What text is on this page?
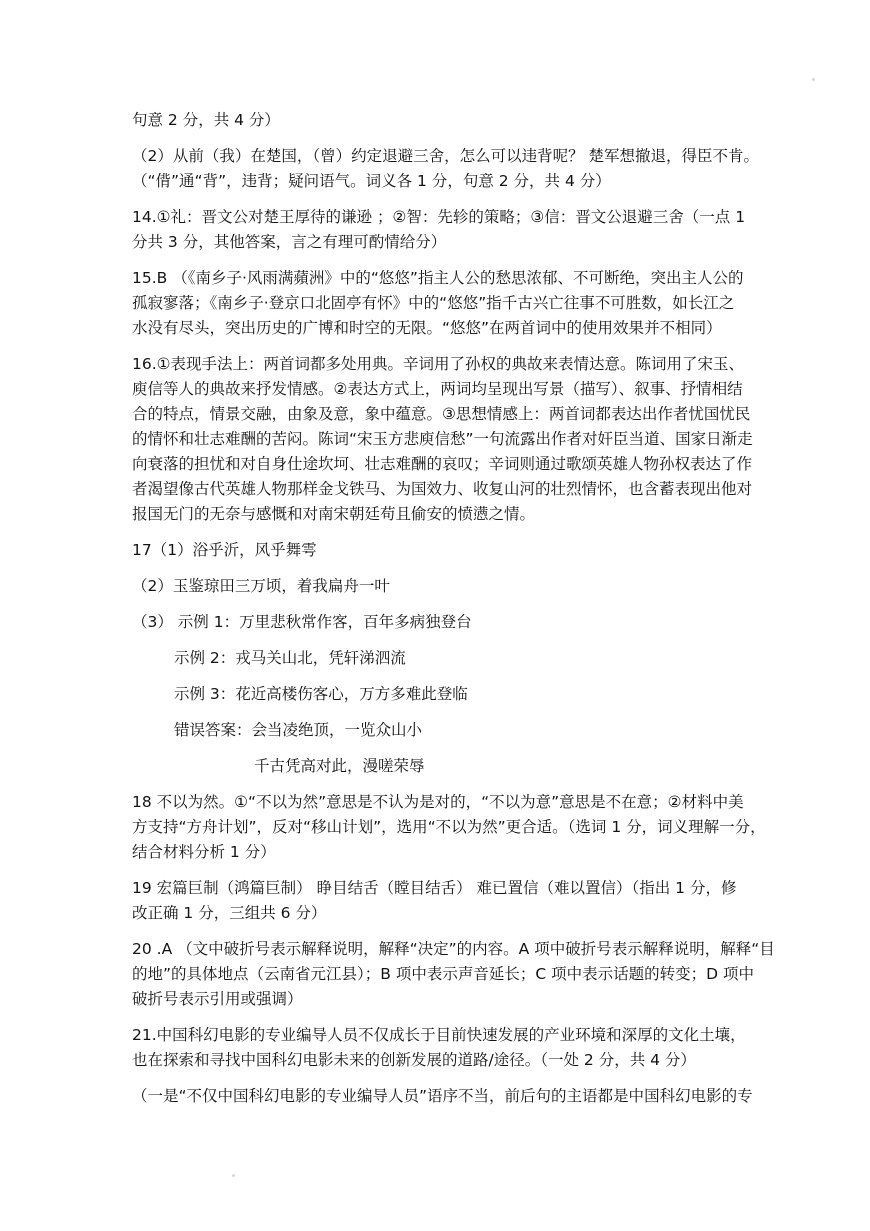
句意 2 分，共 4 分）
（2）从前（我）在楚国，（曾）约定退避三舍，怎么可以违背呢？ 楚军想撤退，得臣不肯。
（“偝”通“背”，违背；疑问语气。词义各 1 分，句意 2 分，共 4 分）
14.①礼：晋文公对楚王厚待的谦逊 ；②智：先轸的策略；③信：晋文公退避三舍（一点 1
分共 3 分，其他答案，言之有理可酌情给分）
15.B （《南乡子·风雨满蘋洲》中的“悠悠”指主人公的愁思浓郁、不可断绝，突出主人公的
孤寂寥落；《南乡子·登京口北固亭有怀》中的“悠悠”指千古兴亡往事不可胜数，如长江之
水没有尽头，突出历史的广博和时空的无限。“悠悠”在两首词中的使用效果并不相同）
16.①表现手法上：两首词都多处用典。辛词用了孙权的典故来表情达意。陈词用了宋玉、
庾信等人的典故来抒发情感。②表达方式上，两词均呈现出写景（描写）、叙事、抒情相结
合的特点，情景交融，由象及意，象中蕴意。③思想情感上：两首词都表达出作者忧国忧民
的情怀和壮志难酬的苦闷。陈词“宋玉方悲庾信愁”一句流露出作者对奸臣当道、国家日渐走
向衰落的担忧和对自身仕途坎坷、壮志难酬的哀叹；辛词则通过歌颂英雄人物孙权表达了作
者渴望像古代英雄人物那样金戈铁马、为国效力、收复山河的壮烈情怀，也含蓄表现出他对
报国无门的无奈与感慨和对南宋朝廷苟且偷安的愤懑之情。
17（1）浴乎沂，风乎舞雩
（2）玉鉴琼田三万顷，着我扁舟一叶
（3） 示例 1：万里悲秋常作客，百年多病独登台
示例 2：戎马关山北，凭轩涕泗流
示例 3：花近高楼伤客心，万方多难此登临
错误答案：会当凌绝顶，一览众山小
千古凭高对此，漫嗟荣辱
18 不以为然。①“不以为然”意思是不认为是对的，“不以为意”意思是不在意；②材料中美
方支持“方舟计划”，反对“移山计划”，选用“不以为然”更合适。（选词 1 分，词义理解一分，
结合材料分析 1 分）
19 宏篇巨制（鸿篇巨制） 睁目结舌（瞠目结舌） 难已置信（难以置信）（指出 1 分，修
改正确 1 分，三组共 6 分）
20 .A （文中破折号表示解释说明，解释“决定”的内容。A 项中破折号表示解释说明，解释“目
的地”的具体地点（云南省元江县）；B 项中表示声音延长；C 项中表示话题的转变；D 项中
破折号表示引用或强调）
21.中国科幻电影的专业编导人员不仅成长于目前快速发展的产业环境和深厚的文化土壤，
也在探索和寻找中国科幻电影未来的创新发展的道路/途径。（一处 2 分，共 4 分）
（一是“不仅中国科幻电影的专业编导人员”语序不当，前后句的主语都是中国科幻电影的专
